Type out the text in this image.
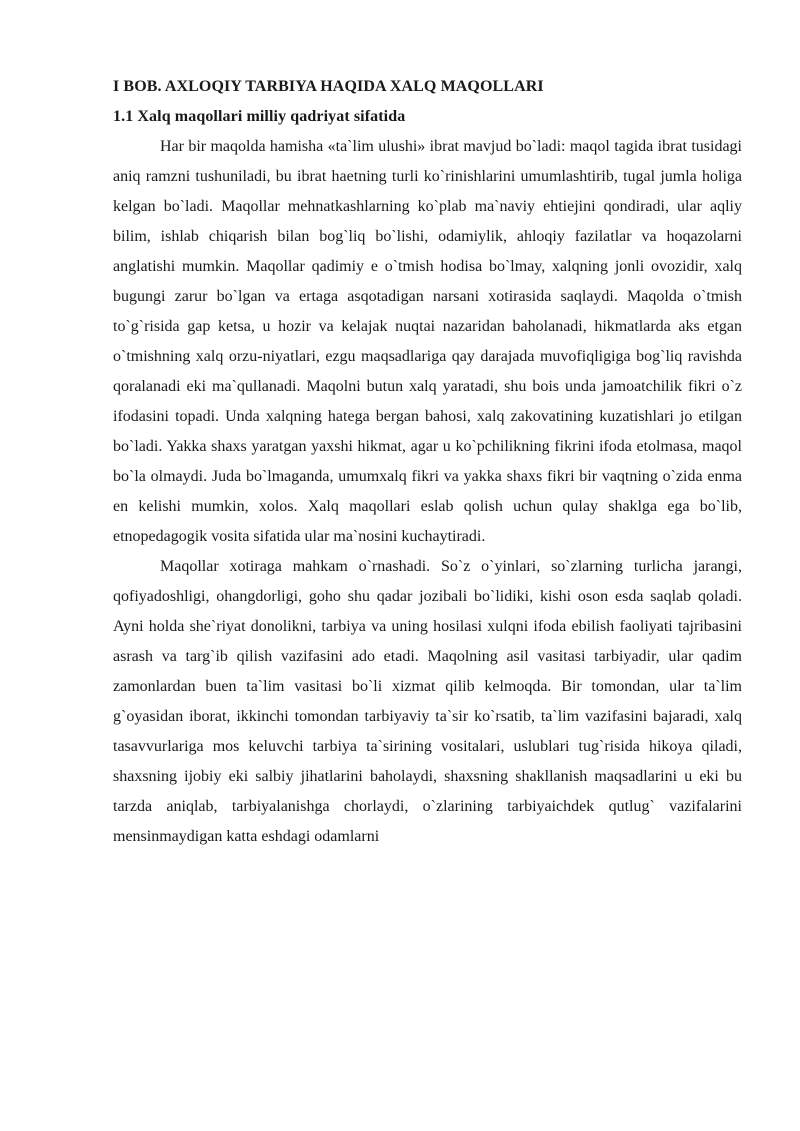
I BOB. AXLOQIY TARBIYA HAQIDA XALQ MAQOLLARI
1.1 Xalq maqollari milliy qadriyat sifatida

Har bir maqolda hamisha «ta`lim ulushi» ibrat mavjud bo`ladi: maqol tagida ibrat tusidagi aniq ramzni tushuniladi, bu ibrat haetning turli ko`rinishlarini umumlashtirib, tugal jumla holiga kelgan bo`ladi. Maqollar mehnatkashlarning ko`plab ma`naviy ehtiejini qondiradi, ular aqliy bilim, ishlab chiqarish bilan bog`liq bo`lishi, odamiylik, ahloqiy fazilatlar va hoqazolarni anglatishi mumkin. Maqollar qadimiy e o`tmish hodisa bo`lmay, xalqning jonli ovozidir, xalq bugungi zarur bo`lgan va ertaga asqotadigan narsani xotirasida saqlaydi. Maqolda o`tmish to`g`risida gap ketsa, u hozir va kelajak nuqtai nazaridan baholanadi, hikmatlarda aks etgan o`tmishning xalq orzu-niyatlari, ezgu maqsadlariga qay darajada muvofiqligiga bog`liq ravishda qoralanadi eki ma`qullanadi. Maqolni butun xalq yaratadi, shu bois unda jamoatchilik fikri o`z ifodasini topadi. Unda xalqning hatega bergan bahosi, xalq zakovatining kuzatishlari jo etilgan bo`ladi. Yakka shaxs yaratgan yaxshi hikmat, agar u ko`pchilikning fikrini ifoda etolmasa, maqol bo`la olmaydi. Juda bo`lmaganda, umumxalq fikri va yakka shaxs fikri bir vaqtning o`zida enma en kelishi mumkin, xolos. Xalq maqollari eslab qolish uchun qulay shaklga ega bo`lib, etnopedagogik vosita sifatida ular ma`nosini kuchaytiradi.

Maqollar xotiraga mahkam o`rnashadi. So`z o`yinlari, so`zlarning turlicha jarangi, qofiyadoshligi, ohangdorligi, goho shu qadar jozibali bo`lidiki, kishi oson esda saqlab qoladi. Ayni holda she`riyat donolikni, tarbiya va uning hosilasi xulqni ifoda ebilish faoliyati tajribasini asrash va targ`ib qilish vazifasini ado etadi. Maqolning asil vasitasi tarbiyadir, ular qadim zamonlardan buen ta`lim vasitasi bo`li xizmat qilib kelmoqda. Bir tomondan, ular ta`lim g`oyasidan iborat, ikkinchi tomondan tarbiyaviy ta`sir ko`rsatib, ta`lim vazifasini bajaradi, xalq tasavvurlariga mos keluvchi tarbiya ta`sirining vositalari, uslublari tug`risida hikoya qiladi, shaxsning ijobiy eki salbiy jihatlarini baholaydi, shaxsning shakllanish maqsadlarini u eki bu tarzda aniqlab, tarbiyalanishga chorlaydi, o`zlarining tarbiyaichdek qutlug` vazifalarini mensinmaydigan katta eshdagi odamlarni
